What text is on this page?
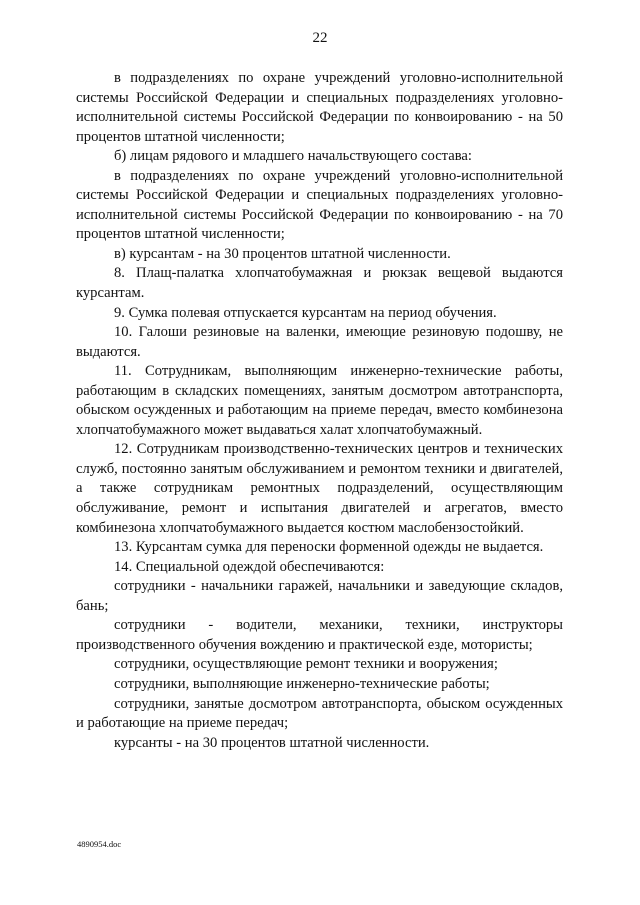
22

в подразделениях по охране учреждений уголовно-исполнительной системы Российской Федерации и специальных подразделениях уголовно-исполнительной системы Российской Федерации по конвоированию - на 50 процентов штатной численности;

б) лицам рядового и младшего начальствующего состава:

в подразделениях по охране учреждений уголовно-исполнительной системы Российской Федерации и специальных подразделениях уголовно-исполнительной системы Российской Федерации по конвоированию - на 70 процентов штатной численности;

в) курсантам - на 30 процентов штатной численности.

8. Плащ-палатка хлопчатобумажная и рюкзак вещевой выдаются курсантам.

9. Сумка полевая отпускается курсантам на период обучения.

10. Галоши резиновые на валенки, имеющие резиновую подошву, не выдаются.

11. Сотрудникам, выполняющим инженерно-технические работы, работающим в складских помещениях, занятым досмотром автотранспорта, обыском осужденных и работающим на приеме передач, вместо комбинезона хлопчатобумажного может выдаваться халат хлопчатобумажный.

12. Сотрудникам производственно-технических центров и технических служб, постоянно занятым обслуживанием и ремонтом техники и двигателей, а также сотрудникам ремонтных подразделений, осуществляющим обслуживание, ремонт и испытания двигателей и агрегатов, вместо комбинезона хлопчатобумажного выдается костюм маслобензостойкий.

13. Курсантам сумка для переноски форменной одежды не выдается.

14. Специальной одеждой обеспечиваются:

сотрудники - начальники гаражей, начальники и заведующие складов, бань;

сотрудники - водители, механики, техники, инструкторы производственного обучения вождению и практической езде, мотористы;

сотрудники, осуществляющие ремонт техники и вооружения;

сотрудники, выполняющие инженерно-технические работы;

сотрудники, занятые досмотром автотранспорта, обыском осужденных и работающие на приеме передач;

курсанты - на 30 процентов штатной численности.

4890954.doc
